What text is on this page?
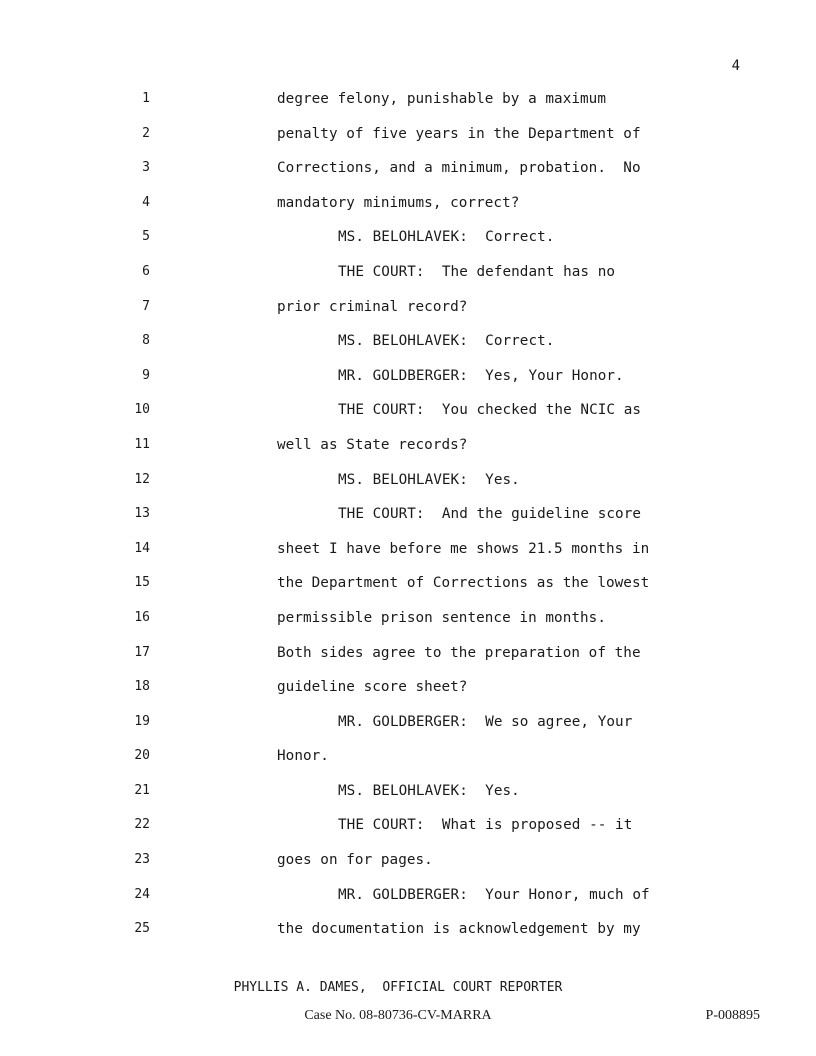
4
1	degree felony, punishable by a maximum
2	penalty of five years in the Department of
3	Corrections, and a minimum, probation.  No
4	mandatory minimums, correct?
5	MS. BELOHLAVEK:  Correct.
6	THE COURT:  The defendant has no
7	prior criminal record?
8	MS. BELOHLAVEK:  Correct.
9	MR. GOLDBERGER:  Yes, Your Honor.
10	THE COURT:  You checked the NCIC as
11	well as State records?
12	MS. BELOHLAVEK:  Yes.
13	THE COURT:  And the guideline score
14	sheet I have before me shows 21.5 months in
15	the Department of Corrections as the lowest
16	permissible prison sentence in months.
17	Both sides agree to the preparation of the
18	guideline score sheet?
19	MR. GOLDBERGER:  We so agree, Your
20	Honor.
21	MS. BELOHLAVEK:  Yes.
22	THE COURT:  What is proposed -- it
23	goes on for pages.
24	MR. GOLDBERGER:  Your Honor, much of
25	the documentation is acknowledgement by my
PHYLLIS A. DAMES,  OFFICIAL COURT REPORTER
Case No. 08-80736-CV-MARRA	P-008895
